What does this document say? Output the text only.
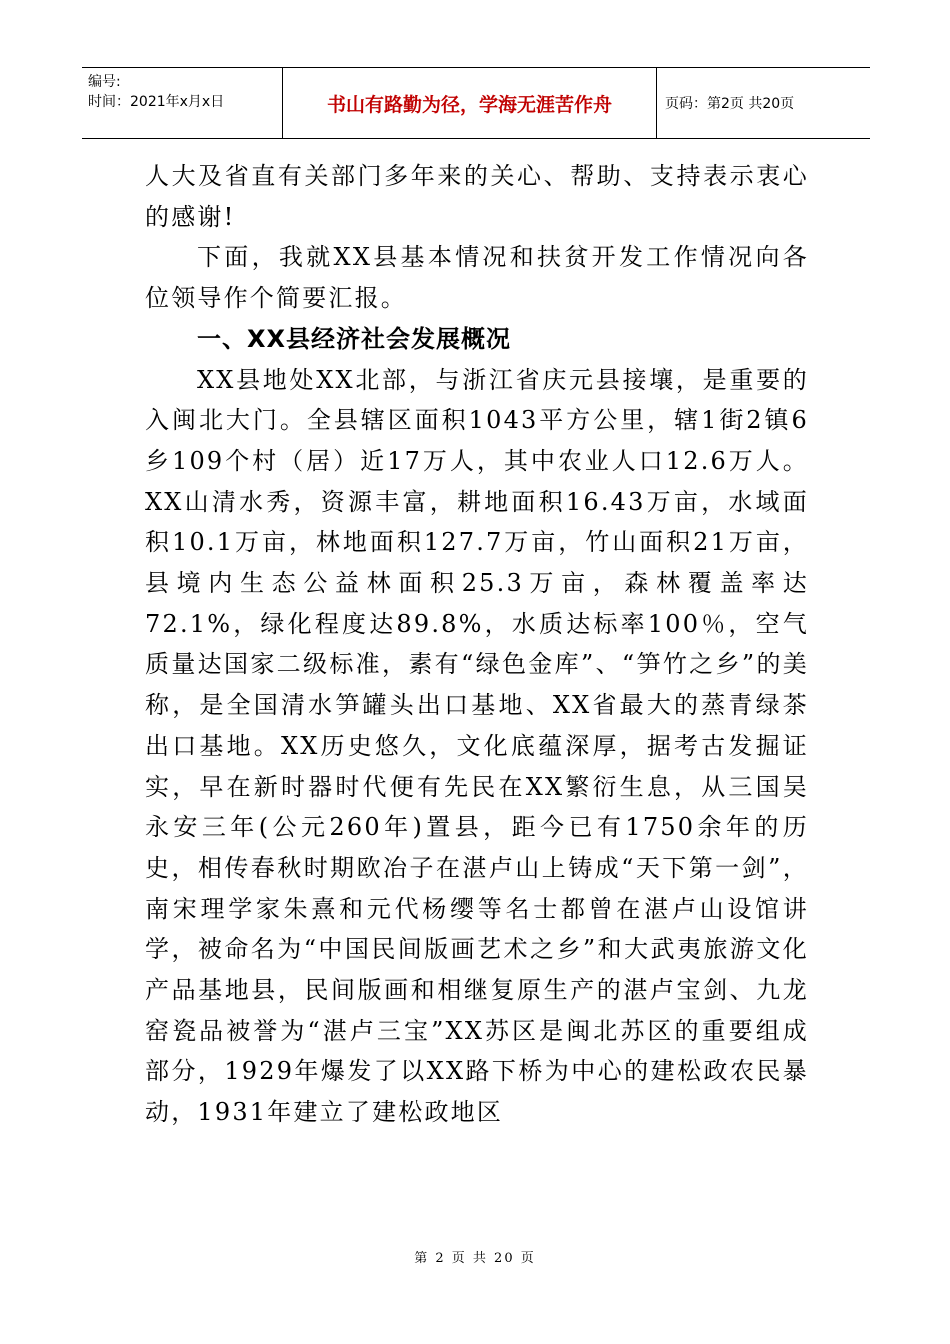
编号:
时间：2021年x月x日	书山有路勤为径，学海无涯苦作舟	页码：第2页 共20页

人大及省直有关部门多年来的关心、帮助、支持表示衷心的感谢!

下面，我就XX县基本情况和扶贫开发工作情况向各位领导作个简要汇报。

一、XX县经济社会发展概况

XX县地处XX北部，与浙江省庆元县接壤，是重要的入闽北大门。全县辖区面积1043平方公里，辖1街2镇6乡109个村（居）近17万人，其中农业人口12.6万人。XX山清水秀，资源丰富，耕地面积16.43万亩，水域面积10.1万亩，林地面积127.7万亩，竹山面积21万亩，县境内生态公益林面积25.3万亩，森林覆盖率达72.1%，绿化程度达89.8%，水质达标率100％，空气质量达国家二级标准，素有“绿色金库”、“笋竹之乡”的美称，是全国清水笋罐头出口基地、XX省最大的蒸青绿茶出口基地。XX历史悠久，文化底蕴深厚，据考古发掘证实，早在新时器时代便有先民在XX繁衍生息，从三国吴永安三年(公元260年)置县，距今已有1750余年的历史，相传春秋时期欧冶子在湛卢山上铸成“天下第一剑”，南宋理学家朱熹和元代杨缨等名士都曾在湛卢山设馆讲学，被命名为“中国民间版画艺术之乡”和大武夷旅游文化产品基地县，民间版画和相继复原生产的湛卢宝剑、九龙窑瓷品被誉为“湛卢三宝”XX苏区是闽北苏区的重要组成部分，1929年爆发了以XX路下桥为中心的建松政农民暴动，1931年建立了建松政地区

第 2 页 共 20 页
